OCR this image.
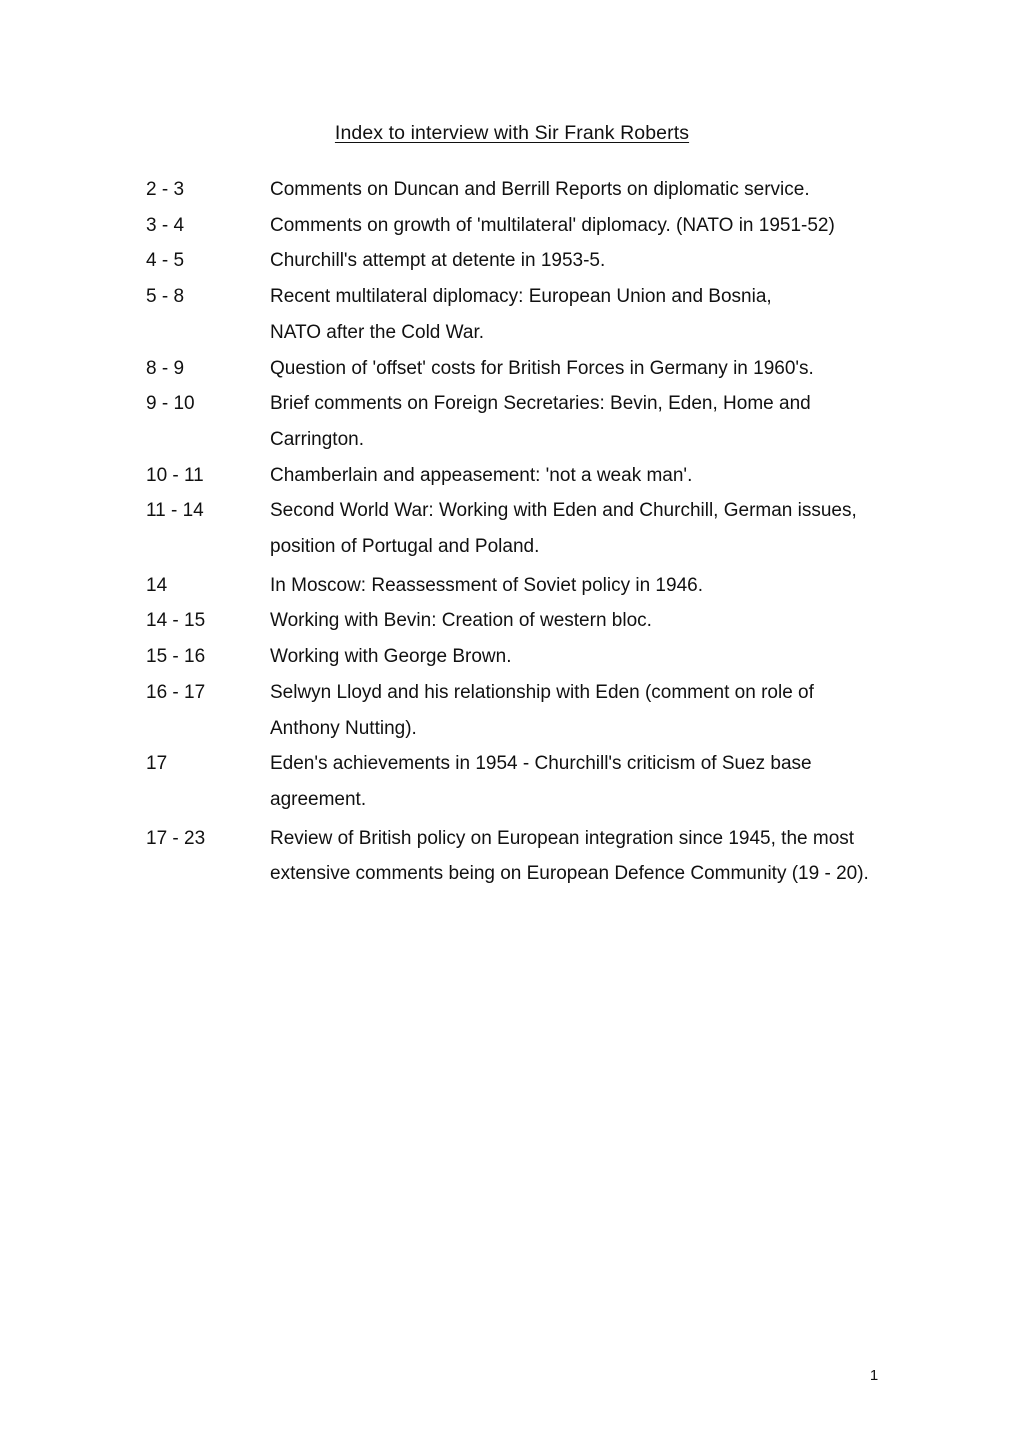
Index to interview with Sir Frank Roberts
2 - 3	Comments on Duncan and Berrill Reports on diplomatic service.
3 - 4	Comments on growth of 'multilateral' diplomacy. (NATO in 1951-52)
4 - 5	Churchill's attempt at detente in 1953-5.
5 - 8	Recent multilateral diplomacy: European Union and Bosnia,
NATO after the Cold War.
8 - 9	Question of 'offset' costs for British Forces in Germany in 1960's.
9 - 10	Brief comments on Foreign Secretaries: Bevin, Eden, Home and
Carrington.
10 - 11	Chamberlain and appeasement: 'not a weak man'.
11 - 14	Second World War: Working with Eden and Churchill, German issues,
position of Portugal and Poland.
14	In Moscow: Reassessment of Soviet policy in 1946.
14 - 15	Working with Bevin: Creation of western bloc.
15 - 16	Working with George Brown.
16 - 17	Selwyn Lloyd and his relationship with Eden (comment on role of
Anthony Nutting).
17	Eden's achievements in 1954 - Churchill's criticism of Suez base
agreement.
17 - 23	Review of British policy on European integration since 1945, the most
extensive comments being on European Defence Community (19 - 20).
1
